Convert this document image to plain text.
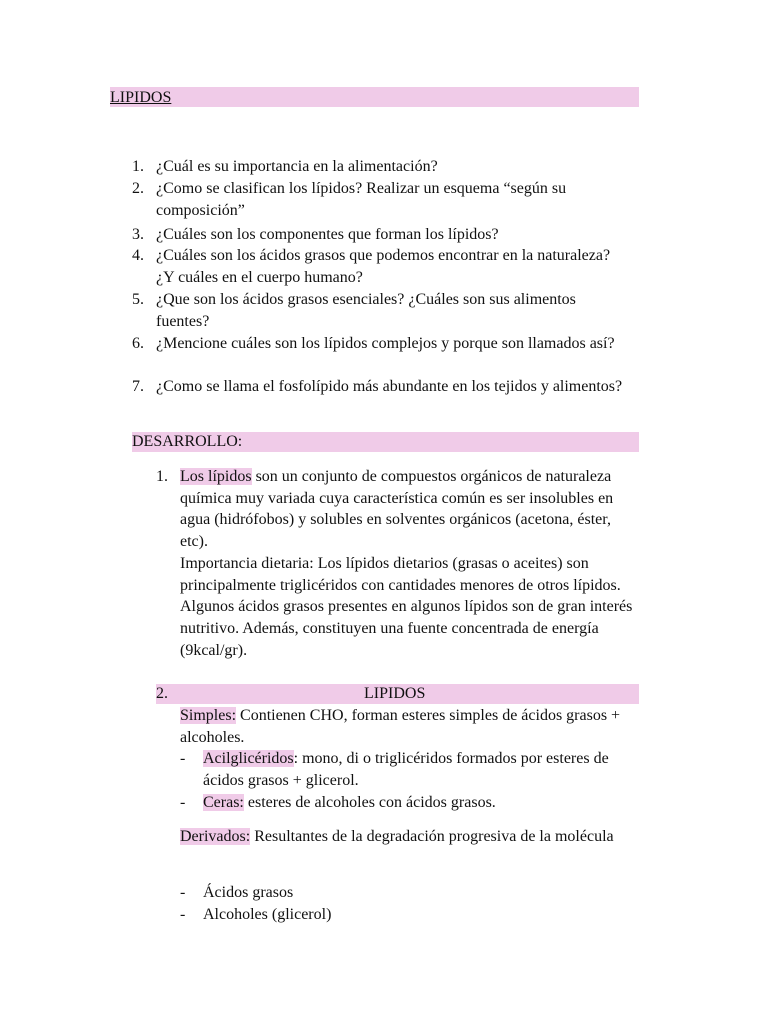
LIPIDOS
1. ¿Cuál es su importancia en la alimentación?
2. ¿Como se clasifican los lípidos? Realizar un esquema “según su composición”
3. ¿Cuáles son los componentes que forman los lípidos?
4. ¿Cuáles son los ácidos grasos que podemos encontrar en la naturaleza? ¿Y cuáles en el cuerpo humano?
5. ¿Que son los ácidos grasos esenciales? ¿Cuáles son sus alimentos fuentes?
6. ¿Mencione cuáles son los lípidos complejos y porque son llamados así?
7. ¿Como se llama el fosfolípido más abundante en los tejidos y alimentos?
DESARROLLO:
1. Los lípidos son un conjunto de compuestos orgánicos de naturaleza química muy variada cuya característica común es ser insolubles en agua (hidrófobos) y solubles en solventes orgánicos (acetona, éster, etc).
Importancia dietaria: Los lípidos dietarios (grasas o aceites) son principalmente triglicéridos con cantidades menores de otros lípidos. Algunos ácidos grasos presentes en algunos lípidos son de gran interés nutritivo. Además, constituyen una fuente concentrada de energía (9kcal/gr).
2.	LIPIDOS
Simples: Contienen CHO, forman esteres simples de ácidos grasos + alcoholes.
- Acilglicéridos: mono, di o triglicéridos formados por esteres de ácidos grasos + glicerol.
- Ceras: esteres de alcoholes con ácidos grasos.
Derivados: Resultantes de la degradación progresiva de la molécula
- Ácidos grasos
- Alcoholes (glicerol)
